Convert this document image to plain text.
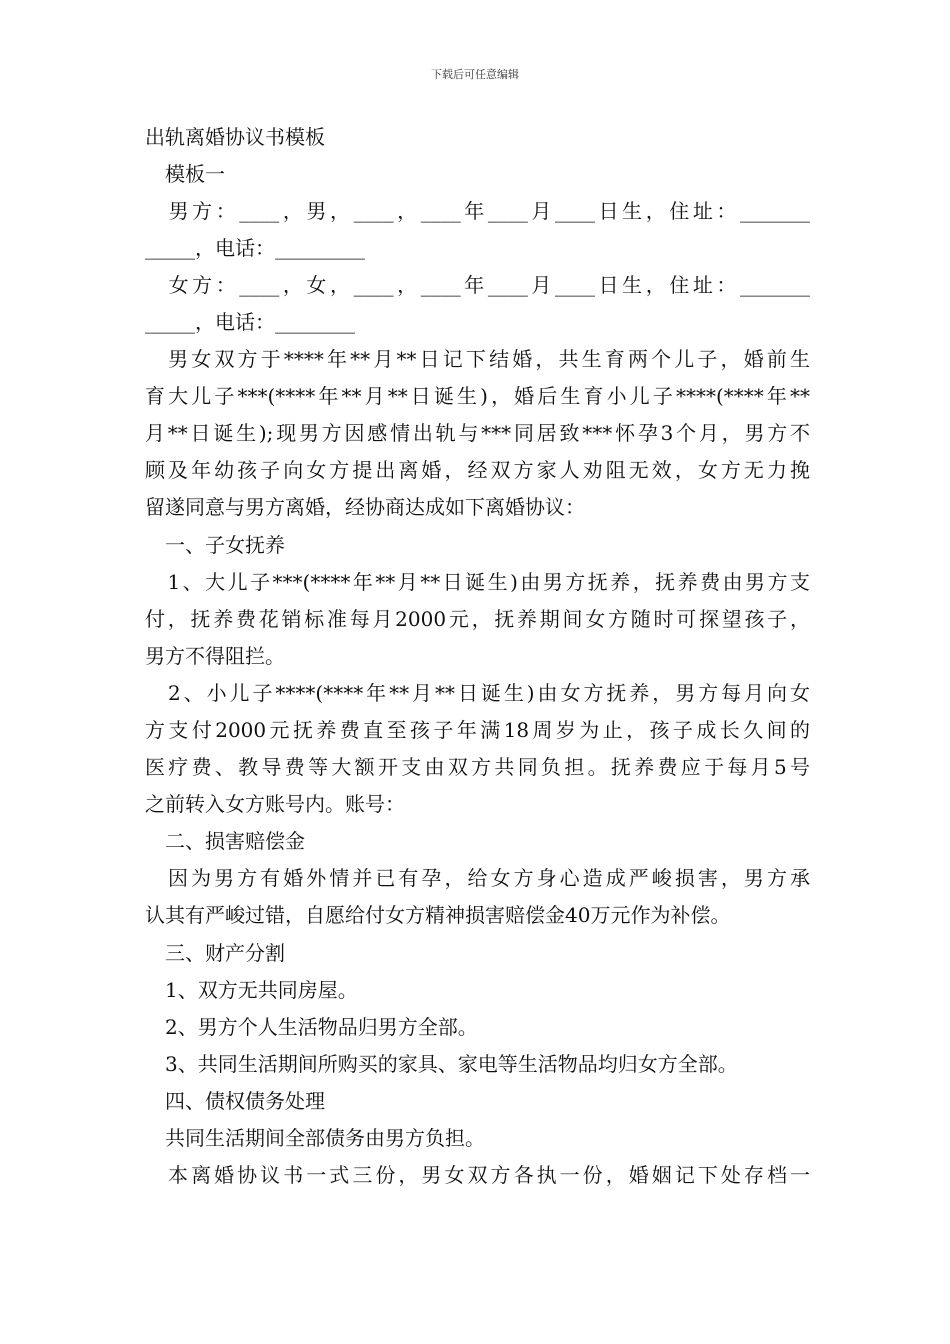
下载后可任意编辑
出轨离婚协议书模板
　模板一
　男方：____，男，____，____年____月____日生，住址：_______
_____，电话：_________
　女方：____，女，____，____年____月____日生，住址：_______
_____，电话：________
　男女双方于****年**月**日记下结婚，共生育两个儿子，婚前生
育大儿子***(****年**月**日诞生)，婚后生育小儿子****(****年**
月**日诞生);现男方因感情出轨与***同居致***怀孕3个月，男方不
顾及年幼孩子向女方提出离婚，经双方家人劝阻无效，女方无力挽
留遂同意与男方离婚，经协商达成如下离婚协议：
　一、子女抚养
　1、大儿子***(****年**月**日诞生)由男方抚养，抚养费由男方支
付，抚养费花销标准每月2000元，抚养期间女方随时可探望孩子，
男方不得阻拦。
　2、小儿子****(****年**月**日诞生)由女方抚养，男方每月向女
方支付2000元抚养费直至孩子年满18周岁为止，孩子成长久间的
医疗费、教导费等大额开支由双方共同负担。抚养费应于每月5号
之前转入女方账号内。账号：
　二、损害赔偿金
　因为男方有婚外情并已有孕，给女方身心造成严峻损害，男方承
认其有严峻过错，自愿给付女方精神损害赔偿金40万元作为补偿。
　三、财产分割
　1、双方无共同房屋。
　2、男方个人生活物品归男方全部。
　3、共同生活期间所购买的家具、家电等生活物品均归女方全部。
　四、债权债务处理
　共同生活期间全部债务由男方负担。
　本离婚协议书一式三份，男女双方各执一份，婚姻记下处存档一
